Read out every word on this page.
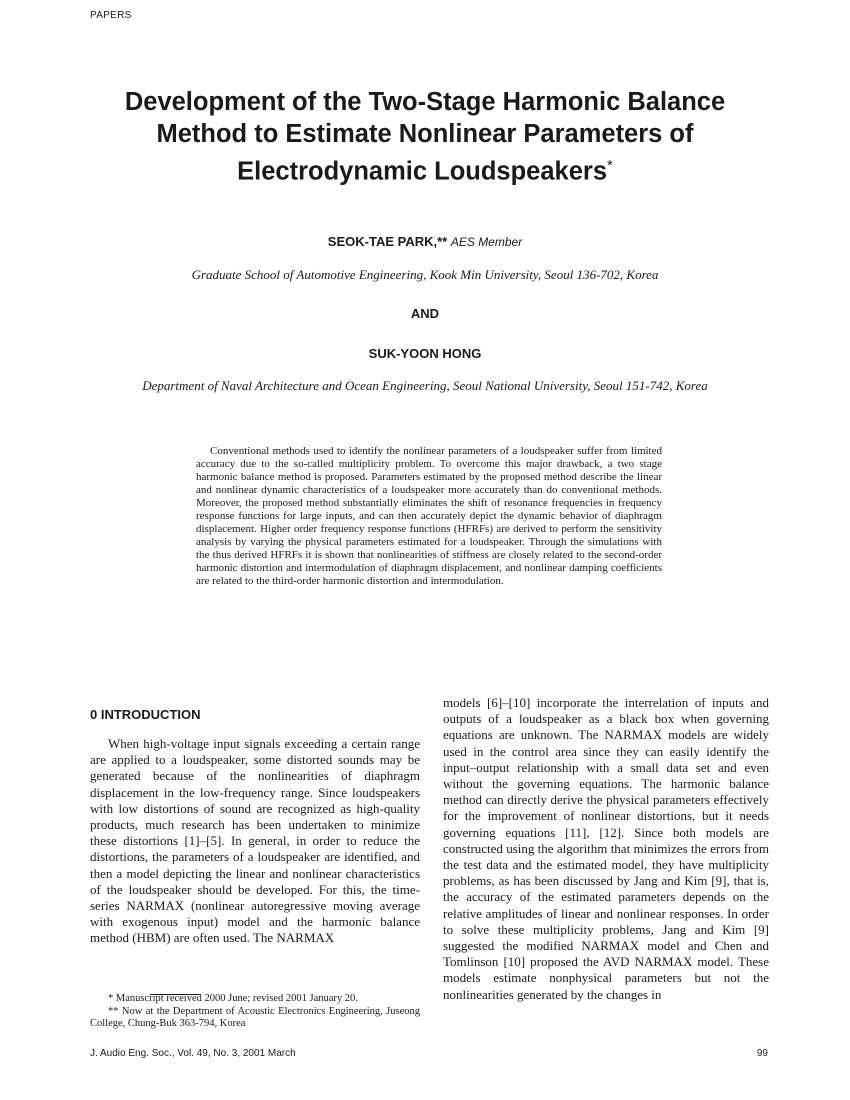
PAPERS
Development of the Two-Stage Harmonic Balance
Method to Estimate Nonlinear Parameters of
Electrodynamic Loudspeakers*
SEOK-TAE PARK,** AES Member
Graduate School of Automotive Engineering, Kook Min University, Seoul 136-702, Korea
AND
SUK-YOON HONG
Department of Naval Architecture and Ocean Engineering, Seoul National University, Seoul 151-742, Korea
Conventional methods used to identify the nonlinear parameters of a loudspeaker suffer from limited accuracy due to the so-called multiplicity problem. To overcome this major drawback, a two stage harmonic balance method is proposed. Parameters estimated by the proposed method describe the linear and nonlinear dynamic characteristics of a loudspeaker more accurately than do conventional methods. Moreover, the proposed method substantially eliminates the shift of resonance frequencies in frequency response functions for large inputs, and can then accurately depict the dynamic behavior of diaphragm displacement. Higher order frequency response functions (HFRFs) are derived to perform the sensitivity analysis by varying the physical parameters estimated for a loudspeaker. Through the simulations with the thus derived HFRFs it is shown that nonlinearities of stiffness are closely related to the second-order harmonic distortion and intermodulation of diaphragm displacement, and nonlinear damping coefficients are related to the third-order harmonic distortion and intermodulation.
0 INTRODUCTION

When high-voltage input signals exceeding a certain range are applied to a loudspeaker, some distorted sounds may be generated because of the nonlinearities of diaphragm displacement in the low-frequency range. Since loudspeakers with low distortions of sound are recognized as high-quality products, much research has been undertaken to minimize these distortions [1]–[5]. In general, in order to reduce the distortions, the parameters of a loudspeaker are identified, and then a model depicting the linear and nonlinear characteristics of the loudspeaker should be developed. For this, the time-series NARMAX (nonlinear autoregressive moving average with exogenous input) model and the harmonic balance method (HBM) are often used. The NARMAX

models [6]–[10] incorporate the interrelation of inputs and outputs of a loudspeaker as a black box when governing equations are unknown. The NARMAX models are widely used in the control area since they can easily identify the input–output relationship with a small data set and even without the governing equations. The harmonic balance method can directly derive the physical parameters effectively for the improvement of nonlinear distortions, but it needs governing equations [11], [12]. Since both models are constructed using the algorithm that minimizes the errors from the test data and the estimated model, they have multiplicity problems, as has been discussed by Jang and Kim [9], that is, the accuracy of the estimated parameters depends on the relative amplitudes of linear and nonlinear responses. In order to solve these multiplicity problems, Jang and Kim [9] suggested the modified NARMAX model and Chen and Tomlinson [10] proposed the AVD NARMAX model. These models estimate nonphysical parameters but not the nonlinearities generated by the changes in

* Manuscript received 2000 June; revised 2001 January 20.
** Now at the Department of Acoustic Electronics Engineering, Juseong College, Chung-Buk 363-794, Korea
J. Audio Eng. Soc., Vol. 49, No. 3, 2001 March	99
